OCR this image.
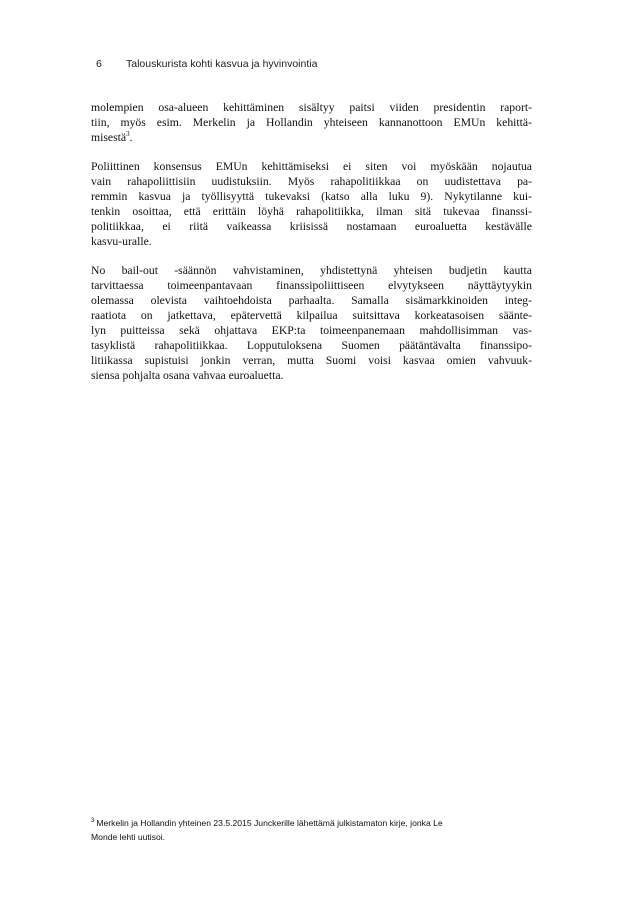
6 Talouskurista kohti kasvua ja hyvinvointia

molempien osa-alueen kehittäminen sisältyy paitsi viiden presidentin raport-
tiin, myös esim. Merkelin ja Hollandin yhteiseen kannanottoon EMUn kehittä-
misestä$^3$.

Poliittinen konsensus EMUn kehittämiseksi ei siten voi myöskään nojautua
vain rahapoliittisiin uudistuksiin. Myös rahapolitiikkaa on uudistettava pa-
remmin kasvua ja työllisyyttä tukevaksi (katso alla luku 9). Nykytilanne kui-
tenkin osoittaa, että erittäin löyhä rahapolitiikka, ilman sitä tukevaa finanssi-
politiikkaa, ei riitä vaikeassa kriisissä nostamaan euroaluetta kestävälle
kasvu-uralle.

No bail-out -säännön vahvistaminen, yhdistettynä yhteisen budjetin kautta
tarvittaessa toimeenpantavaan finanssipoliittiseen elvytykseen näyttäytyykin
olemassa olevista vaihtoehdoista parhaalta. Samalla sisämarkkinoiden integ-
raatiota on jatkettava, epätervettä kilpailua suitsittava korkeatasoisen sääntе-
lyn puitteissa sekä ohjattava EKP:ta toimeenpanemaan mahdollisimman vas-
tasyklistä rahapolitiikkaa. Lopputuloksena Suomen päätäntävalta finanssipo-
litiikassa supistuisi jonkin verran, mutta Suomi voisi kasvaa omien vahvuuk-
siensa pohjalta osana vahvaa euroaluetta.

$^3$ Merkelin ja Hollandin yhteinen 23.5.2015 Junckerille lähettämä julkistamaton kirje, jonka Le
Monde lehti uutisoi.
